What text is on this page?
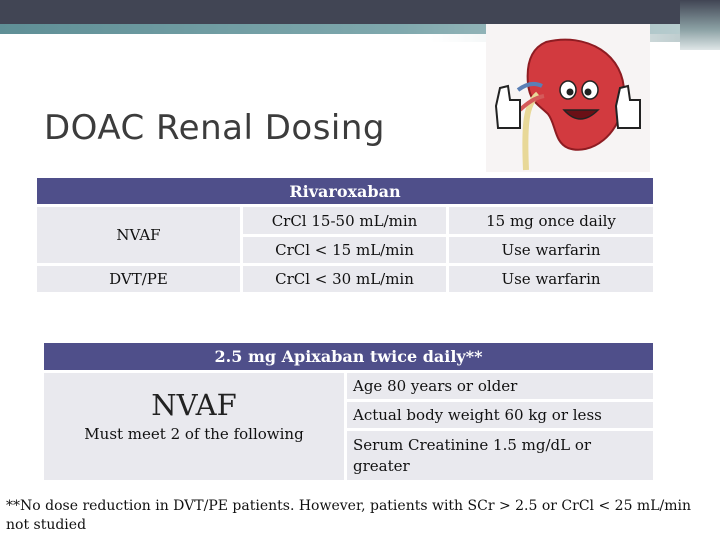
DOAC Renal Dosing
Rivaroxaban
NVAF
CrCl 15-50 mL/min	15 mg once daily
CrCl < 15 mL/min	Use warfarin
DVT/PE	CrCl < 30 mL/min	Use warfarin
2.5 mg Apixaban twice daily**
NVAF
Must meet 2 of the following
Age 80 years or older
Actual body weight 60 kg or less
Serum Creatinine 1.5 mg/dL or greater
**No dose reduction in DVT/PE patients. However, patients with SCr > 2.5 or CrCl < 25 mL/min not studied
